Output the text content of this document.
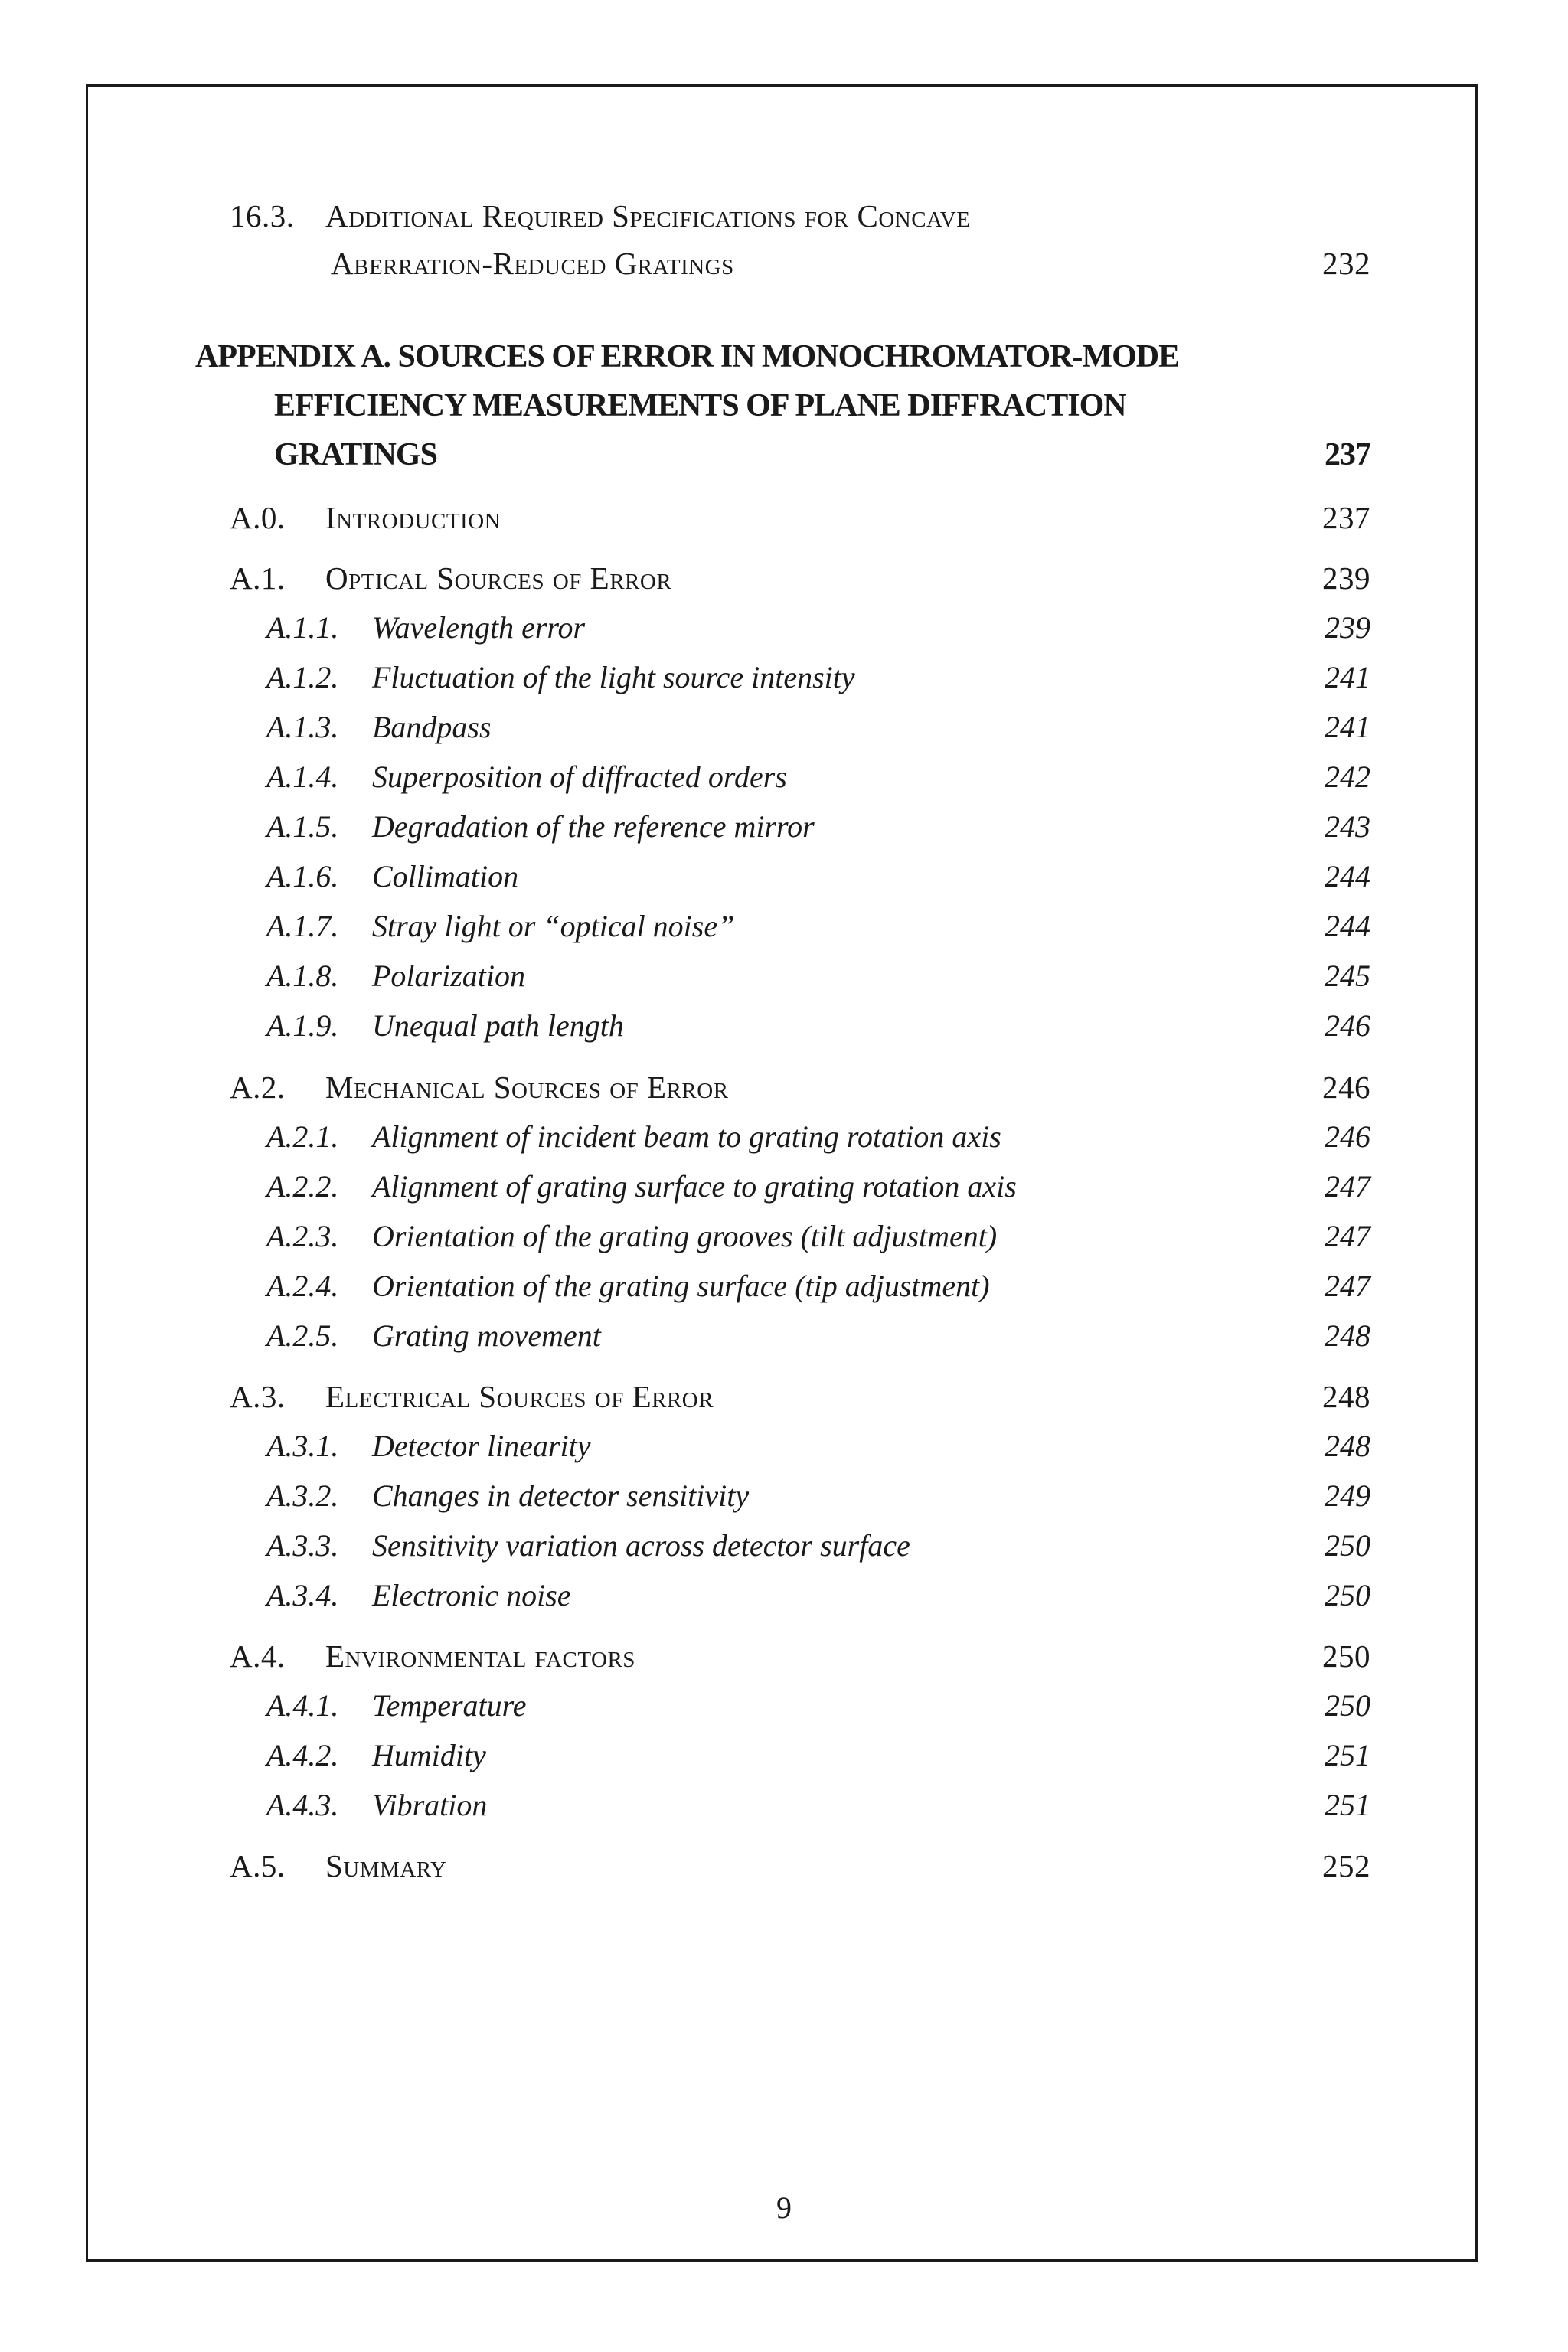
16.3. Additional Required Specifications for Concave
Aberration-Reduced Gratings	232
APPENDIX A. SOURCES OF ERROR IN MONOCHROMATOR-MODE
EFFICIENCY MEASUREMENTS OF PLANE DIFFRACTION
GRATINGS	237
A.0. Introduction	237
A.1. Optical Sources of Error	239
A.1.1. Wavelength error	239
A.1.2. Fluctuation of the light source intensity	241
A.1.3. Bandpass	241
A.1.4. Superposition of diffracted orders	242
A.1.5. Degradation of the reference mirror	243
A.1.6. Collimation	244
A.1.7. Stray light or “optical noise”	244
A.1.8. Polarization	245
A.1.9. Unequal path length	246
A.2. Mechanical Sources of Error	246
A.2.1. Alignment of incident beam to grating rotation axis	246
A.2.2. Alignment of grating surface to grating rotation axis	247
A.2.3. Orientation of the grating grooves (tilt adjustment)	247
A.2.4. Orientation of the grating surface (tip adjustment)	247
A.2.5. Grating movement	248
A.3. Electrical Sources of Error	248
A.3.1. Detector linearity	248
A.3.2. Changes in detector sensitivity	249
A.3.3. Sensitivity variation across detector surface	250
A.3.4. Electronic noise	250
A.4. Environmental factors	250
A.4.1. Temperature	250
A.4.2. Humidity	251
A.4.3. Vibration	251
A.5. Summary	252
9
